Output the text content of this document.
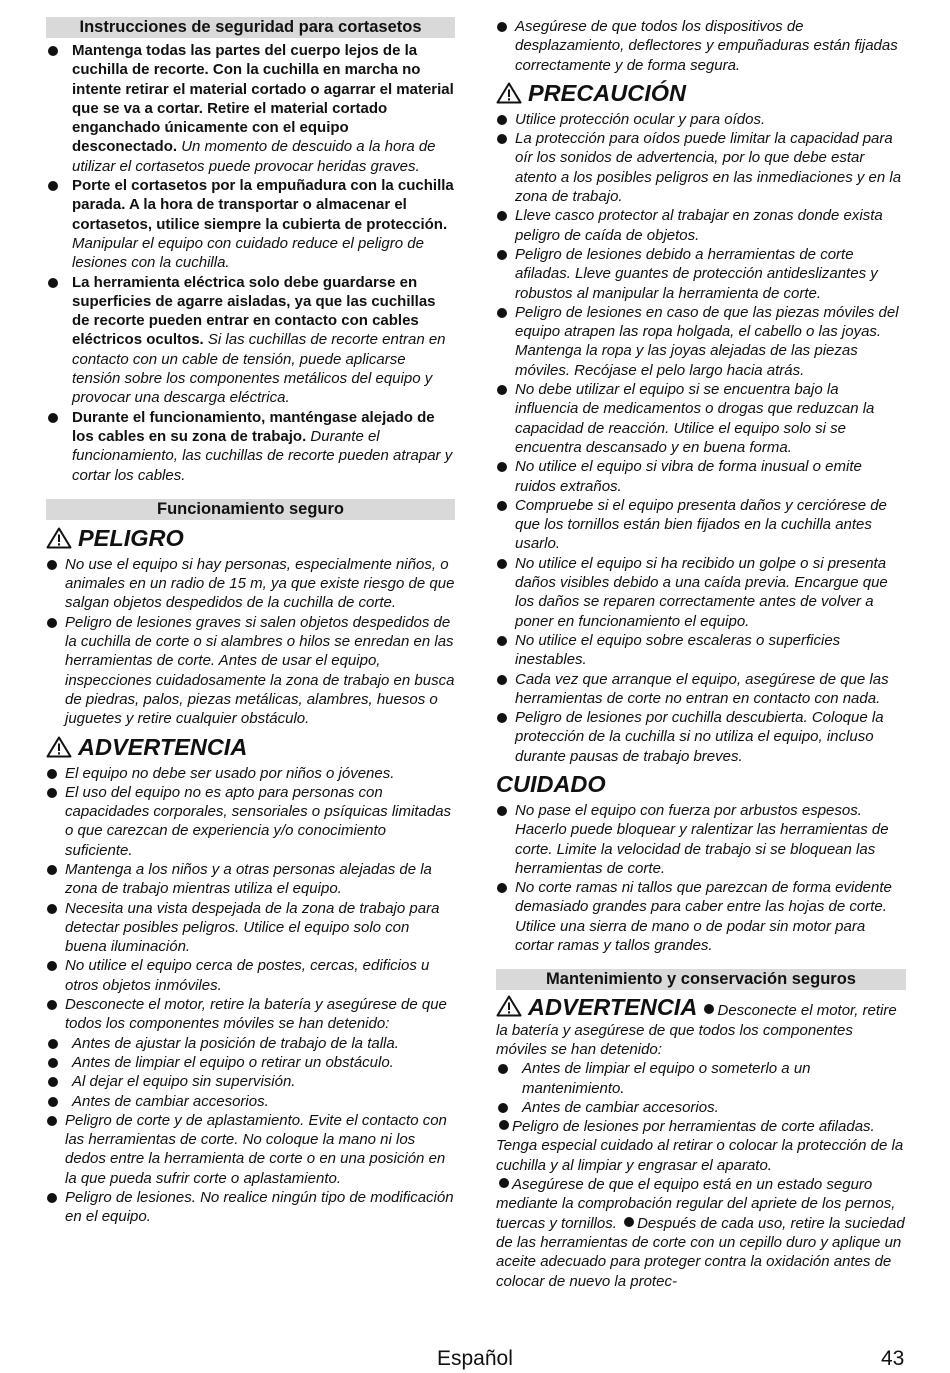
Instrucciones de seguridad para cortasetos
Mantenga todas las partes del cuerpo lejos de la cuchilla de recorte. Con la cuchilla en marcha no intente retirar el material cortado o agarrar el material que se va a cortar. Retire el material cortado enganchado únicamente con el equipo desconectado. Un momento de descuido a la hora de utilizar el cortasetos puede provocar heridas graves.
Porte el cortasetos por la empuñadura con la cuchilla parada. A la hora de transportar o almacenar el cortasetos, utilice siempre la cubierta de protección. Manipular el equipo con cuidado reduce el peligro de lesiones con la cuchilla.
La herramienta eléctrica solo debe guardarse en superficies de agarre aisladas, ya que las cuchillas de recorte pueden entrar en contacto con cables eléctricos ocultos. Si las cuchillas de recorte entran en contacto con un cable de tensión, puede aplicarse tensión sobre los componentes metálicos del equipo y provocar una descarga eléctrica.
Durante el funcionamiento, manténgase alejado de los cables en su zona de trabajo. Durante el funcionamiento, las cuchillas de recorte pueden atrapar y cortar los cables.
Funcionamiento seguro
PELIGRO
No use el equipo si hay personas, especialmente niños, o animales en un radio de 15 m, ya que existe riesgo de que salgan objetos despedidos de la cuchilla de corte.
Peligro de lesiones graves si salen objetos despedidos de la cuchilla de corte o si alambres o hilos se enredan en las herramientas de corte. Antes de usar el equipo, inspecciones cuidadosamente la zona de trabajo en busca de piedras, palos, piezas metálicas, alambres, huesos o juguetes y retire cualquier obstáculo.
ADVERTENCIA
El equipo no debe ser usado por niños o jóvenes.
El uso del equipo no es apto para personas con capacidades corporales, sensoriales o psíquicas limitadas o que carezcan de experiencia y/o conocimiento suficiente.
Mantenga a los niños y a otras personas alejadas de la zona de trabajo mientras utiliza el equipo.
Necesita una vista despejada de la zona de trabajo para detectar posibles peligros. Utilice el equipo solo con buena iluminación.
No utilice el equipo cerca de postes, cercas, edificios u otros objetos inmóviles.
Desconecte el motor, retire la batería y asegúrese de que todos los componentes móviles se han detenido:
Antes de ajustar la posición de trabajo de la talla.
Antes de limpiar el equipo o retirar un obstáculo.
Al dejar el equipo sin supervisión.
Antes de cambiar accesorios.
Peligro de corte y de aplastamiento. Evite el contacto con las herramientas de corte. No coloque la mano ni los dedos entre la herramienta de corte o en una posición en la que pueda sufrir corte o aplastamiento.
Peligro de lesiones. No realice ningún tipo de modificación en el equipo.
Asegúrese de que todos los dispositivos de desplazamiento, deflectores y empuñaduras están fijadas correctamente y de forma segura.
PRECAUCIÓN
Utilice protección ocular y para oídos.
La protección para oídos puede limitar la capacidad para oír los sonidos de advertencia, por lo que debe estar atento a los posibles peligros en las inmediaciones y en la zona de trabajo.
Lleve casco protector al trabajar en zonas donde exista peligro de caída de objetos.
Peligro de lesiones debido a herramientas de corte afiladas. Lleve guantes de protección antideslizantes y robustos al manipular la herramienta de corte.
Peligro de lesiones en caso de que las piezas móviles del equipo atrapen las ropa holgada, el cabello o las joyas. Mantenga la ropa y las joyas alejadas de las piezas móviles. Recójase el pelo largo hacia atrás.
No debe utilizar el equipo si se encuentra bajo la influencia de medicamentos o drogas que reduzcan la capacidad de reacción. Utilice el equipo solo si se encuentra descansado y en buena forma.
No utilice el equipo si vibra de forma inusual o emite ruidos extraños.
Compruebe si el equipo presenta daños y cerciórese de que los tornillos están bien fijados en la cuchilla antes usarlo.
No utilice el equipo si ha recibido un golpe o si presenta daños visibles debido a una caída previa. Encargue que los daños se reparen correctamente antes de volver a poner en funcionamiento el equipo.
No utilice el equipo sobre escaleras o superficies inestables.
Cada vez que arranque el equipo, asegúrese de que las herramientas de corte no entran en contacto con nada.
Peligro de lesiones por cuchilla descubierta. Coloque la protección de la cuchilla si no utiliza el equipo, incluso durante pausas de trabajo breves.
CUIDADO
No pase el equipo con fuerza por arbustos espesos. Hacerlo puede bloquear y ralentizar las herramientas de corte. Limite la velocidad de trabajo si se bloquean las herramientas de corte.
No corte ramas ni tallos que parezcan de forma evidente demasiado grandes para caber entre las hojas de corte. Utilice una sierra de mano o de podar sin motor para cortar ramas y tallos grandes.
Mantenimiento y conservación seguros

ADVERTENCIA Desconecte el motor, retire la batería y asegúrese de que todos los componentes móviles se han detenido:

Antes de limpiar el equipo o someterlo a un mantenimiento.
Antes de cambiar accesorios.

Peligro de lesiones por herramientas de corte afiladas. Tenga especial cuidado al retirar o colocar la protección de la cuchilla y al limpiar y engrasar el aparato.

Asegúrese de que el equipo está en un estado seguro mediante la comprobación regular del apriete de los pernos, tuercas y tornillos. Después de cada uso, retire la suciedad de las herramientas de corte con un cepillo duro y aplique un aceite adecuado para proteger contra la oxidación antes de colocar de nuevo la protec-

Español	43
